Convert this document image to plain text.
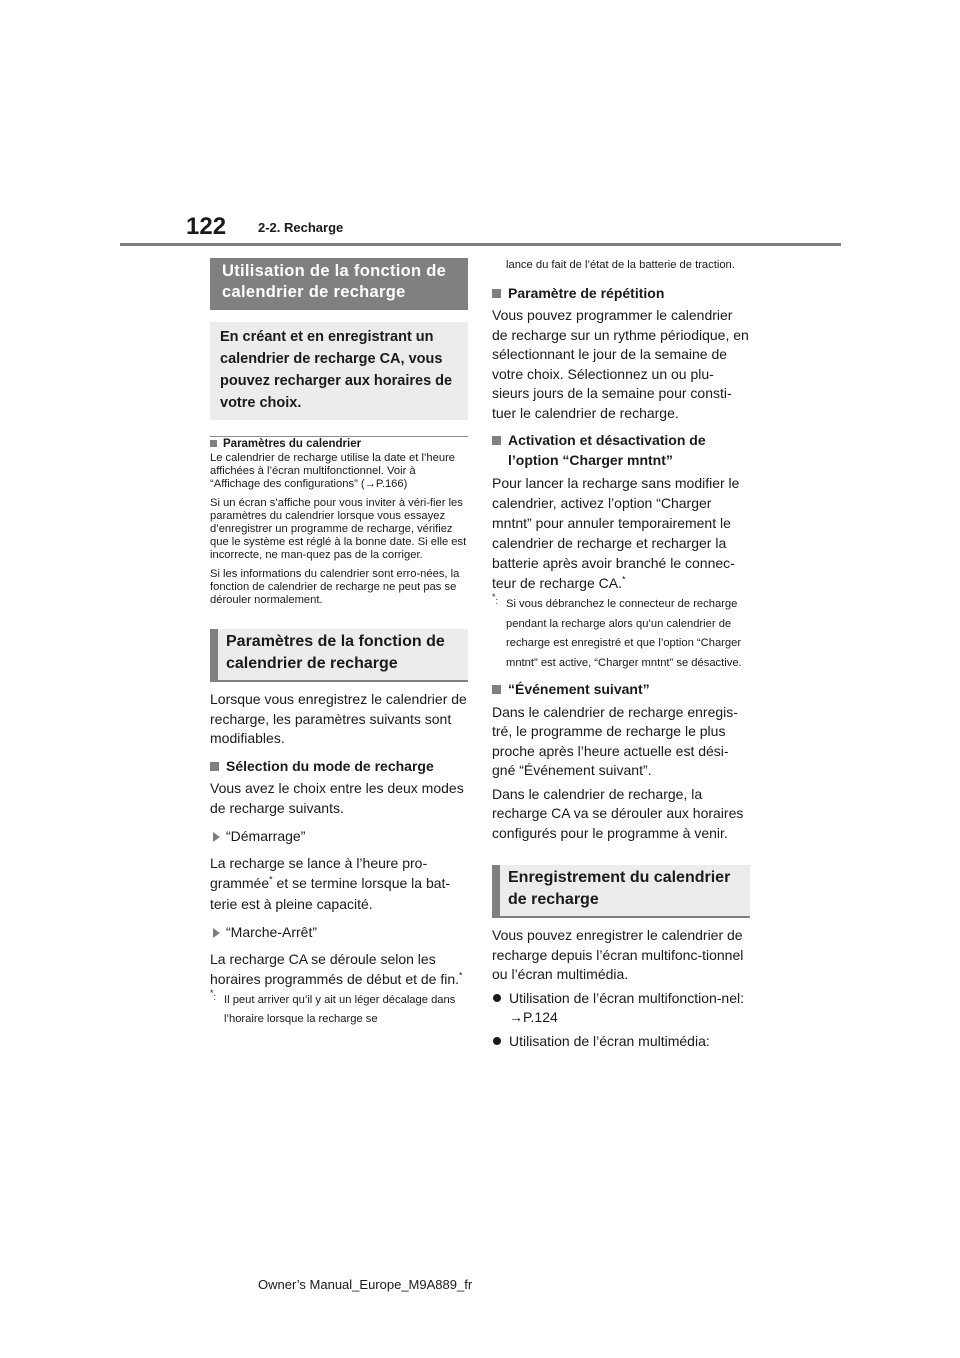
122 2-2. Recharge
Utilisation de la fonction de calendrier de recharge
En créant et en enregistrant un calendrier de recharge CA, vous pouvez recharger aux horaires de votre choix.
Paramètres du calendrier

Le calendrier de recharge utilise la date et l’heure affichées à l’écran multifonctionnel. Voir à “Affichage des configurations” (→P.166)

Si un écran s’affiche pour vous inviter à véri-fier les paramètres du calendrier lorsque vous essayez d’enregistrer un programme de recharge, vérifiez que le système est réglé à la bonne date. Si elle est incorrecte, ne man-quez pas de la corriger.

Si les informations du calendrier sont erro-nées, la fonction de calendrier de recharge ne peut pas se dérouler normalement.

Paramètres de la fonction de calendrier de recharge

Lorsque vous enregistrez le calendrier de recharge, les paramètres suivants sont modifiables.

Sélection du mode de recharge

Vous avez le choix entre les deux modes de recharge suivants.

“Démarrage”

La recharge se lance à l’heure pro-grammée* et se termine lorsque la bat-terie est à pleine capacité.

“Marche-Arrêt”

La recharge CA se déroule selon les horaires programmés de début et de fin.*

*: Il peut arriver qu’il y ait un léger décalage dans l’horaire lorsque la recharge se
lance du fait de l’état de la batterie de traction.
Paramètre de répétition

Vous pouvez programmer le calendrier de recharge sur un rythme périodique, en sélectionnant le jour de la semaine de votre choix. Sélectionnez un ou plu-sieurs jours de la semaine pour consti-tuer le calendrier de recharge.

Activation et désactivation de l’option “Charger mntnt”

Pour lancer la recharge sans modifier le calendrier, activez l’option “Charger mntnt” pour annuler temporairement le calendrier de recharge et recharger la batterie après avoir branché le connec-teur de recharge CA.*

*: Si vous débranchez le connecteur de recharge pendant la recharge alors qu’un calendrier de recharge est enregistré et que l’option “Charger mntnt” est active, “Charger mntnt” se désactive.
“Événement suivant”

Dans le calendrier de recharge enregis-tré, le programme de recharge le plus proche après l’heure actuelle est dési-gné “Événement suivant”.

Dans le calendrier de recharge, la recharge CA va se dérouler aux horaires configurés pour le programme à venir.

Enregistrement du calendrier de recharge

Vous pouvez enregistrer le calendrier de recharge depuis l’écran multifonc-tionnel ou l’écran multimédia.

Utilisation de l’écran multifonction-nel: →P.124
Utilisation de l’écran multimédia:
Owner’s Manual_Europe_M9A889_fr
